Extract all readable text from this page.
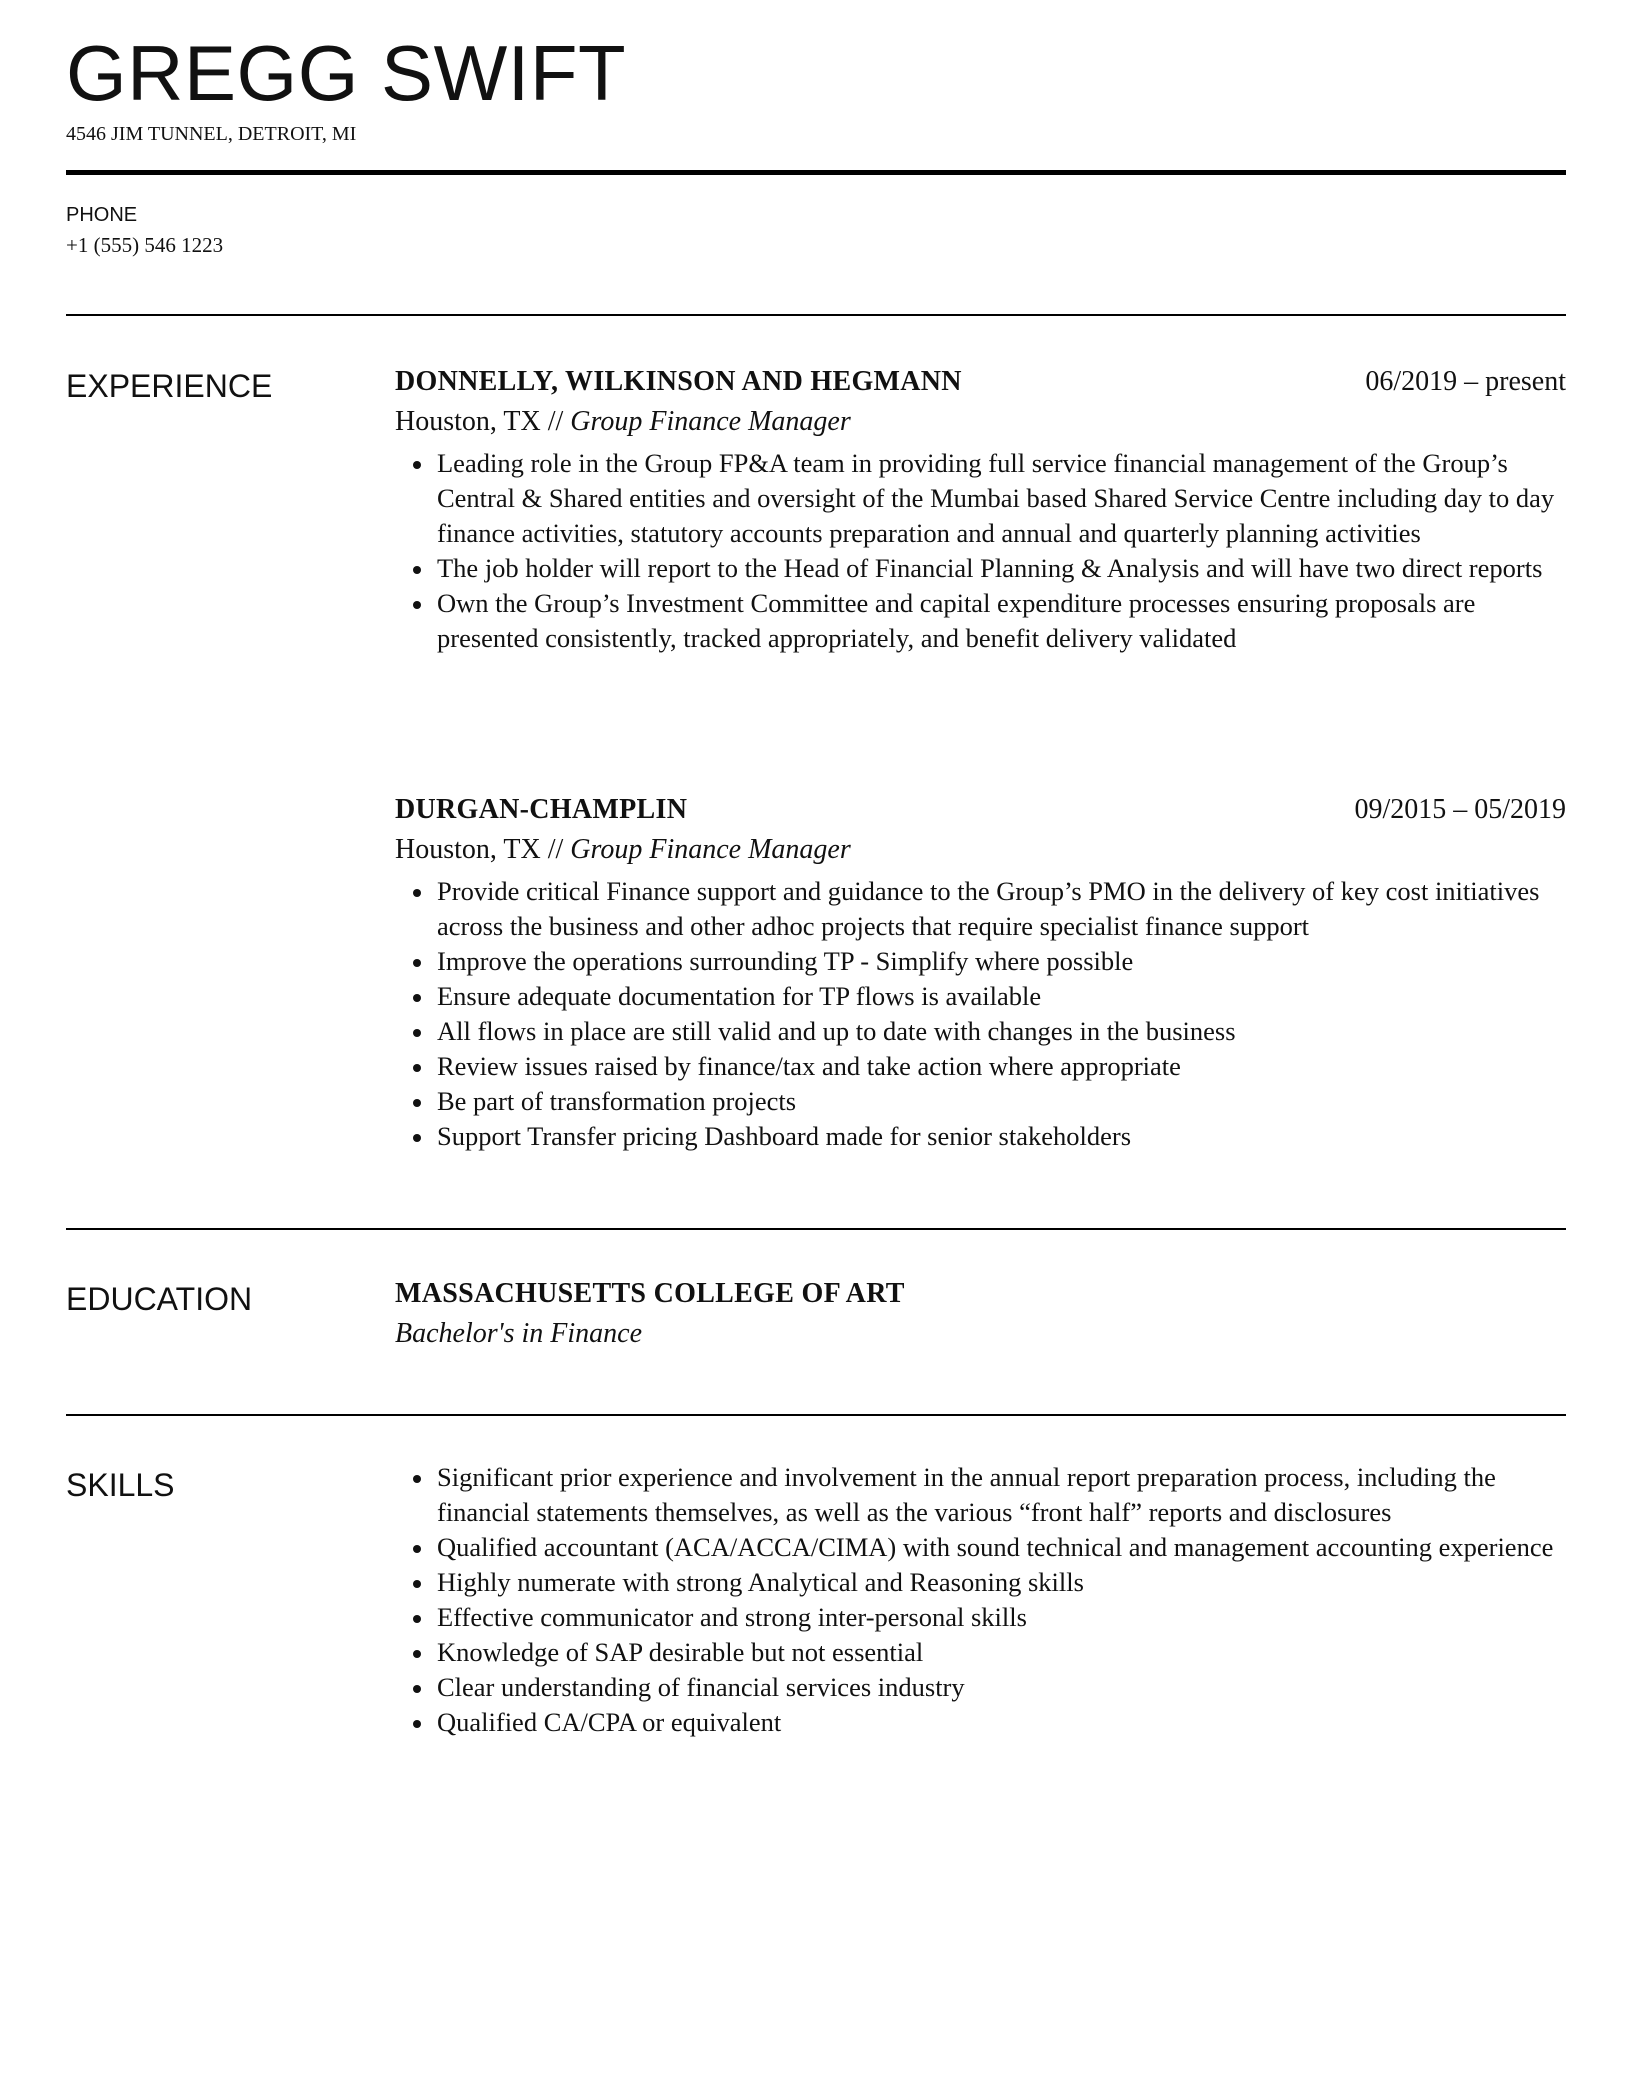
GREGG SWIFT
4546 JIM TUNNEL, DETROIT, MI
PHONE
+1 (555) 546 1223
EXPERIENCE	DONNELLY, WILKINSON AND HEGMANN	06/2019 – present
Houston, TX // Group Finance Manager
Leading role in the Group FP&A team in providing full service financial management of the Group’s Central & Shared entities and oversight of the Mumbai based Shared Service Centre including day to day finance activities, statutory accounts preparation and annual and quarterly planning activities
The job holder will report to the Head of Financial Planning & Analysis and will have two direct reports
Own the Group’s Investment Committee and capital expenditure processes ensuring proposals are presented consistently, tracked appropriately, and benefit delivery validated
DURGAN-CHAMPLIN	09/2015 – 05/2019
Houston, TX // Group Finance Manager
Provide critical Finance support and guidance to the Group’s PMO in the delivery of key cost initiatives across the business and other adhoc projects that require specialist finance support
Improve the operations surrounding TP - Simplify where possible
Ensure adequate documentation for TP flows is available
All flows in place are still valid and up to date with changes in the business
Review issues raised by finance/tax and take action where appropriate
Be part of transformation projects
Support Transfer pricing Dashboard made for senior stakeholders
EDUCATION	MASSACHUSETTS COLLEGE OF ART
Bachelor's in Finance
SKILLS	Significant prior experience and involvement in the annual report preparation process, including the financial statements themselves, as well as the various “front half” reports and disclosures
Qualified accountant (ACA/ACCA/CIMA) with sound technical and management accounting experience
Highly numerate with strong Analytical and Reasoning skills
Effective communicator and strong inter-personal skills
Knowledge of SAP desirable but not essential
Clear understanding of financial services industry
Qualified CA/CPA or equivalent
